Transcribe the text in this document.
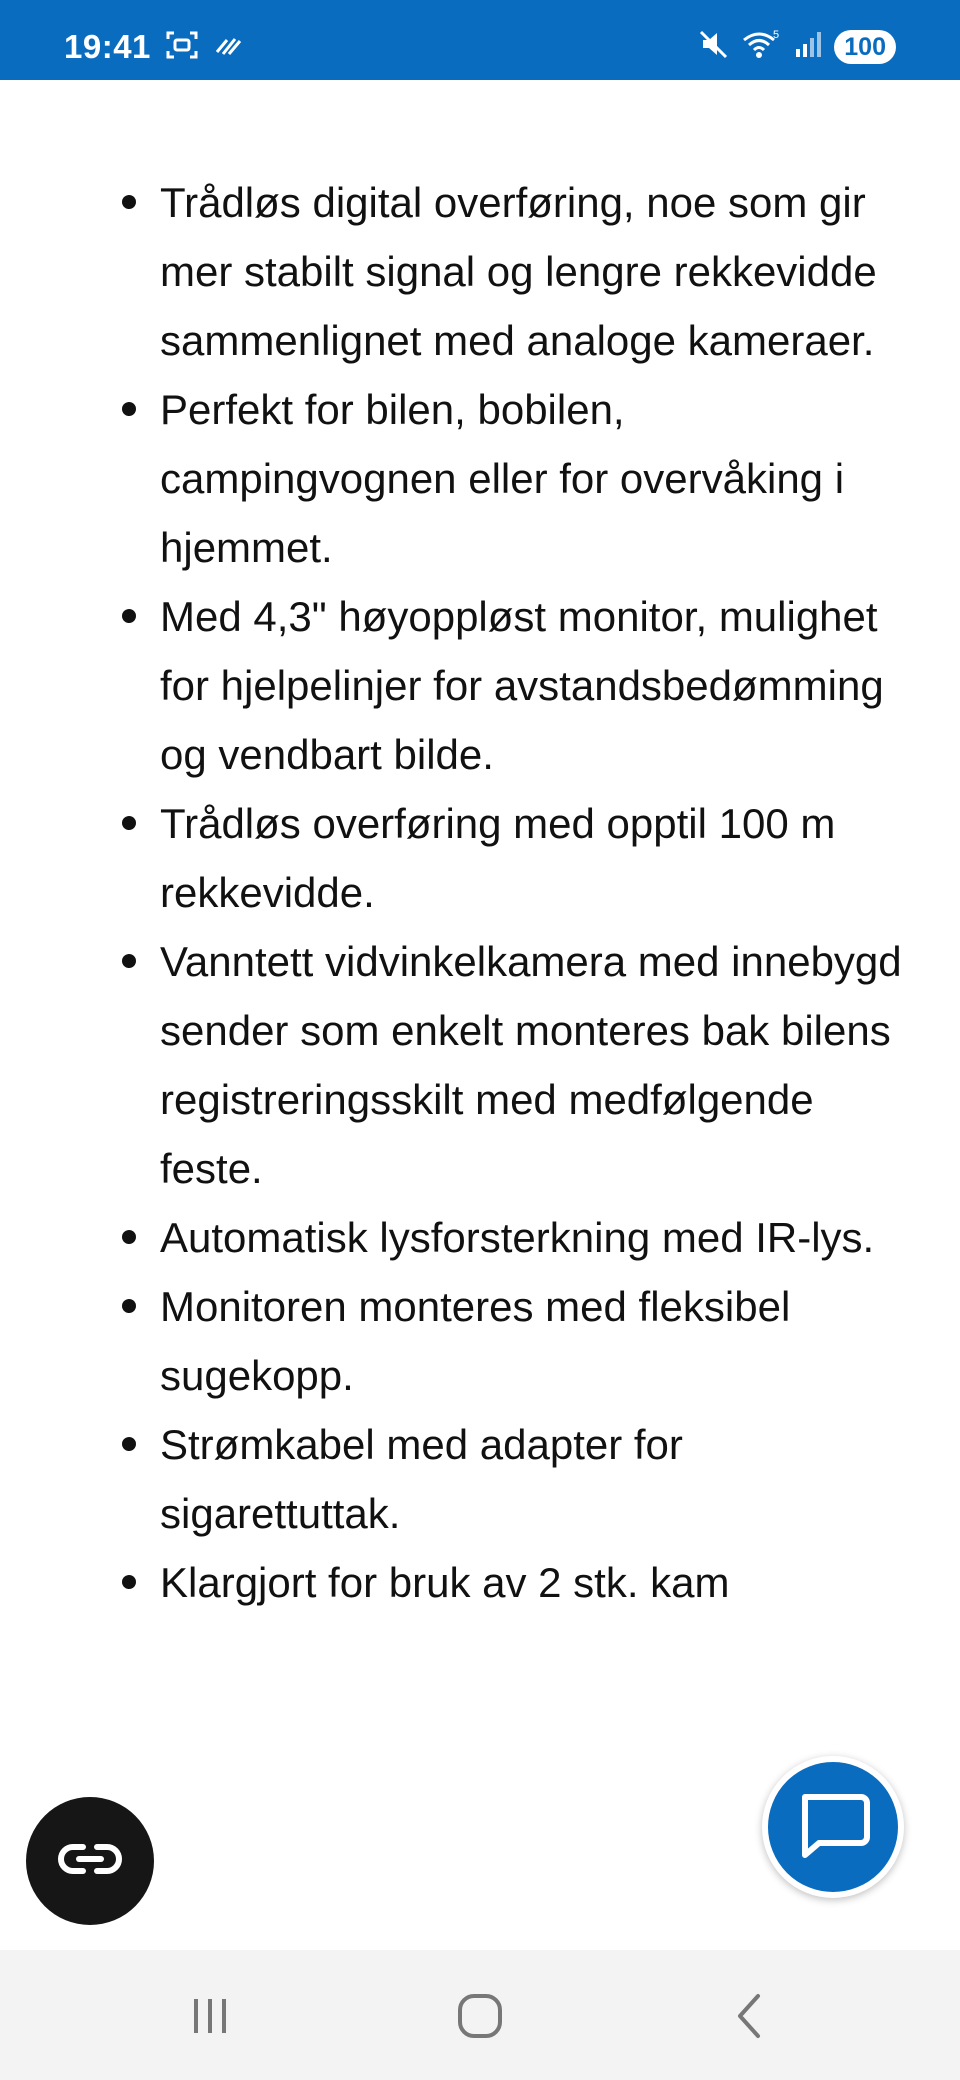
19:41	5	100
Trådløs digital overføring, noe som gir mer stabilt signal og lengre rekkevidde sammenlignet med analoge kameraer.
Perfekt for bilen, bobilen, campingvognen eller for overvåking i hjemmet.
Med 4,3" høyoppløst monitor, mulighet for hjelpelinjer for avstandsbedømming og vendbart bilde.
Trådløs overføring med opptil 100 m rekkevidde.
Vanntett vidvinkelkamera med innebygd sender som enkelt monteres bak bilens registreringsskilt med medfølgende feste.
Automatisk lysforsterkning med IR-lys.
Monitoren monteres med fleksibel sugekopp.
Strømkabel med adapter for sigarettuttak.
Klargjort for bruk av 2 stk. kam
